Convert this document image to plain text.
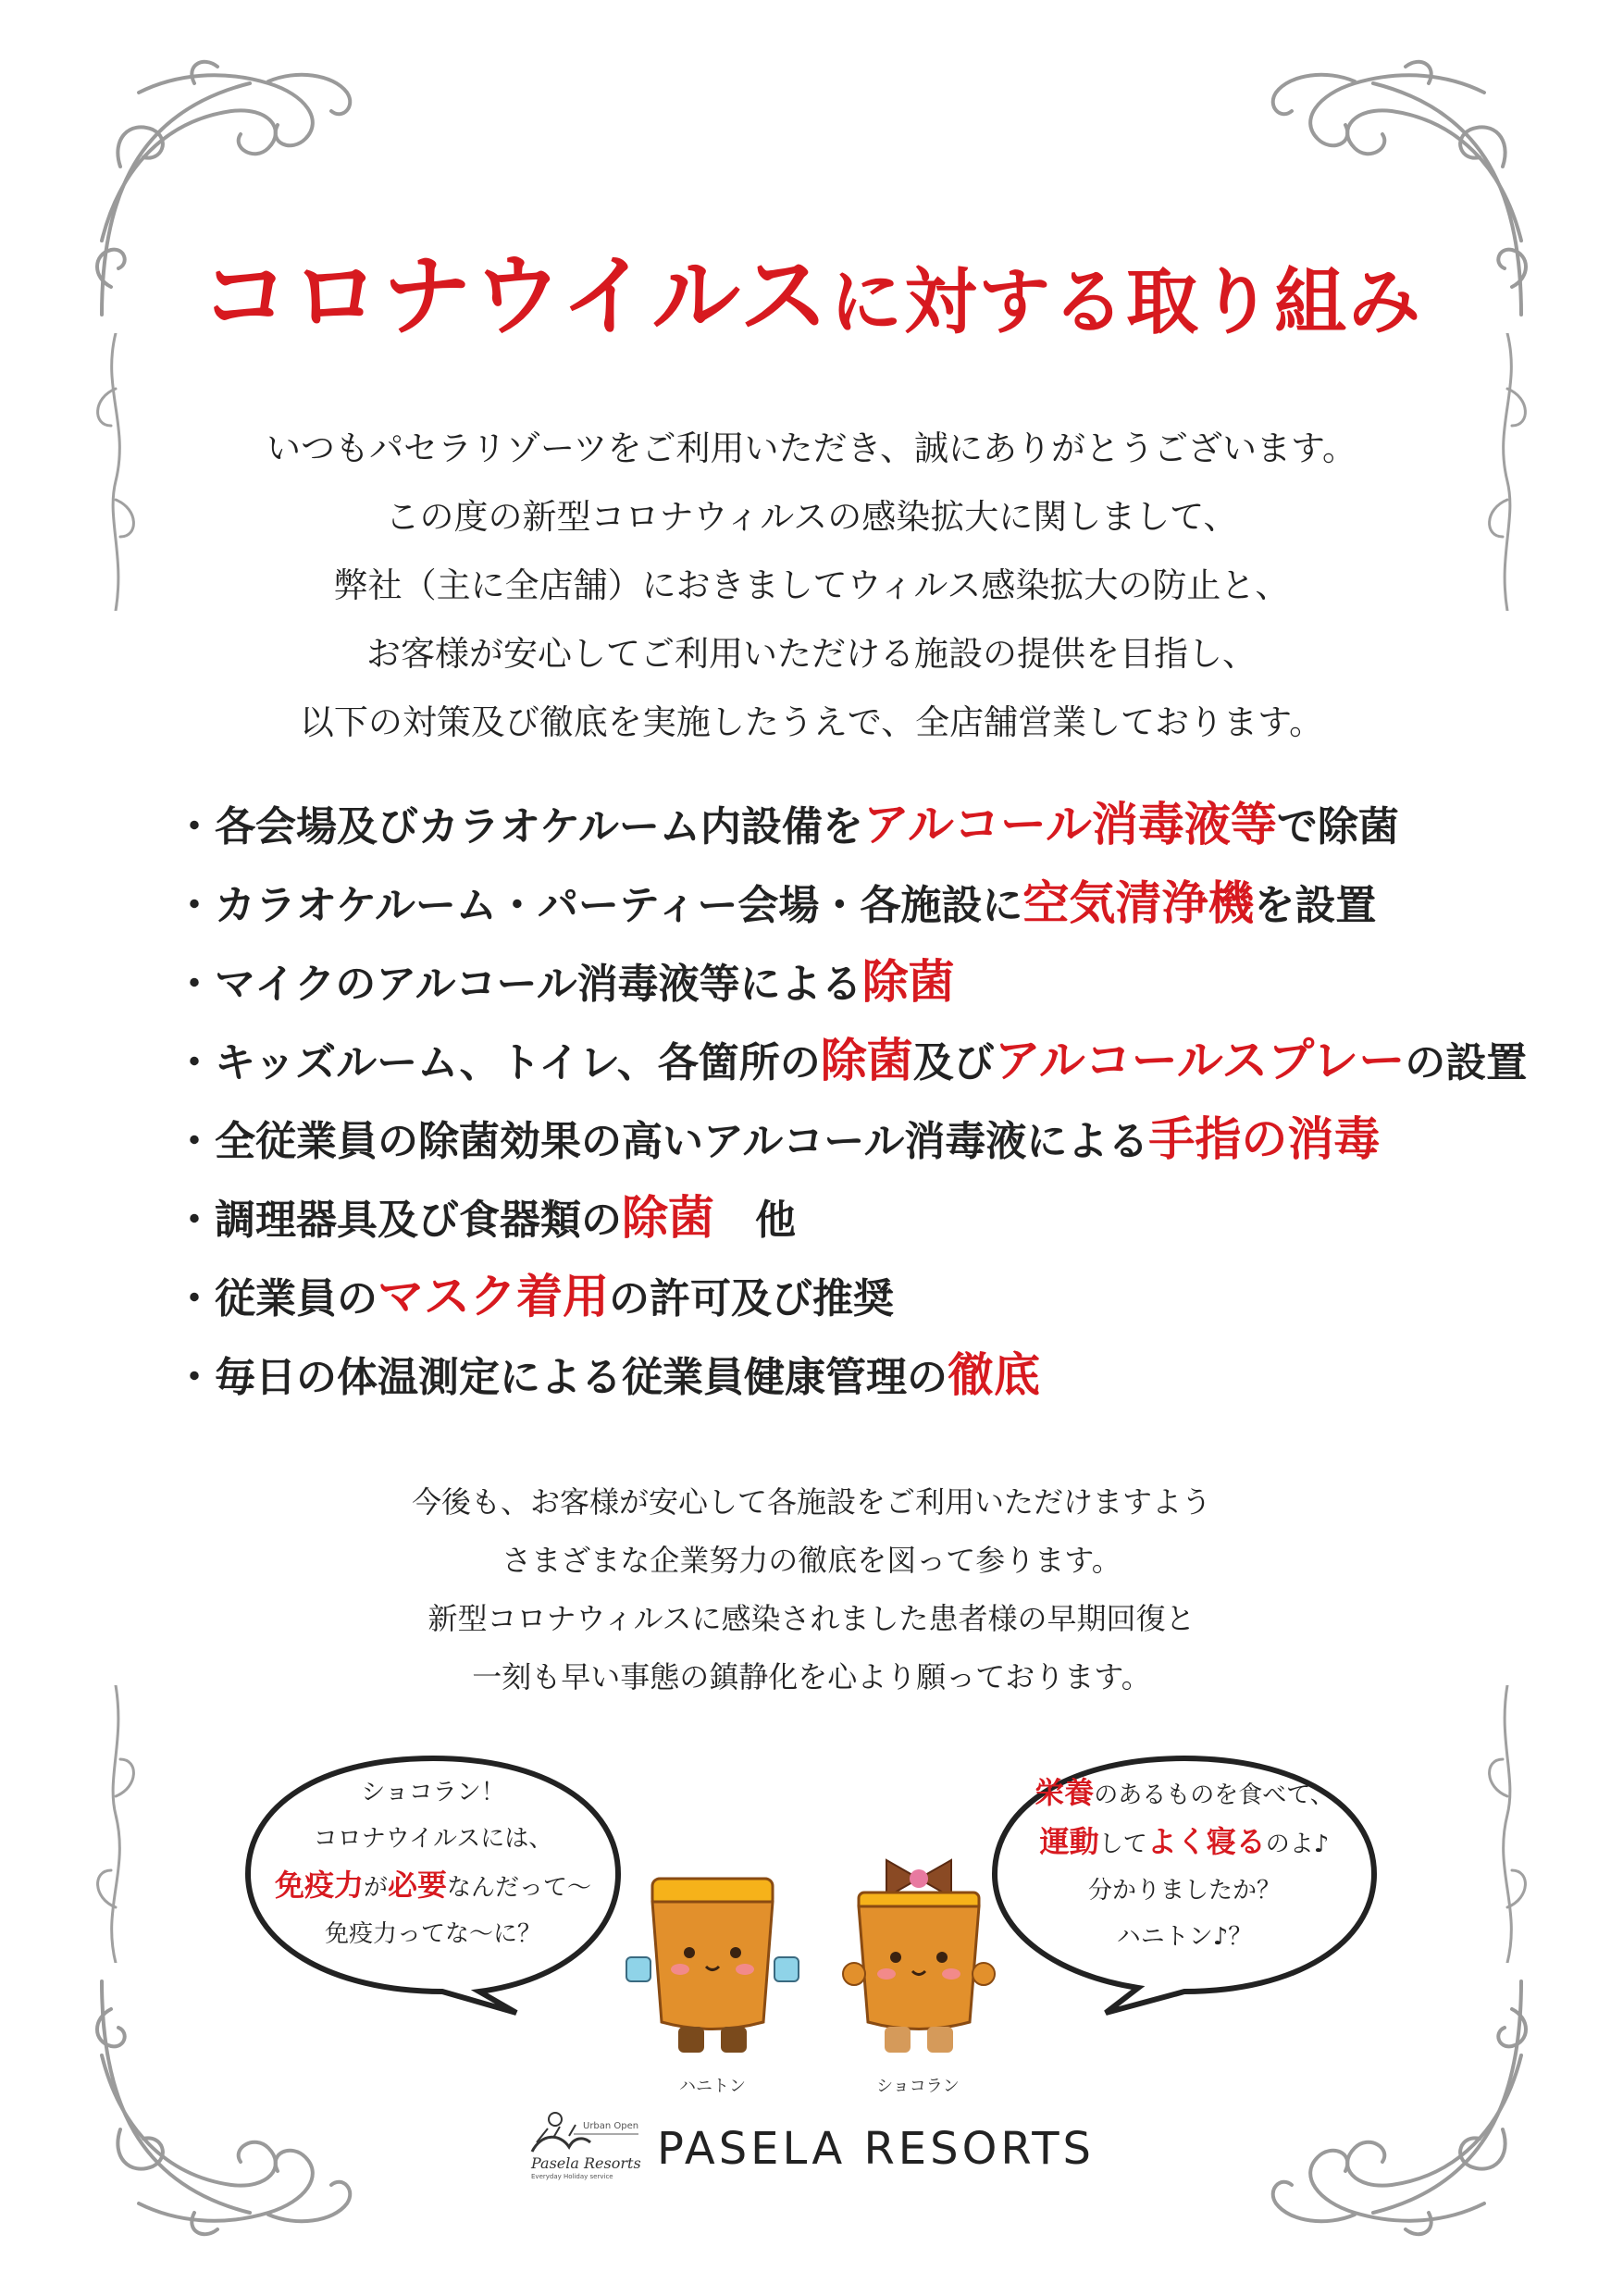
コロナウイルスに対する取り組み
いつもパセラリゾーツをご利用いただき、誠にありがとうございます。
この度の新型コロナウィルスの感染拡大に関しまして、
弊社（主に全店舗）におきましてウィルス感染拡大の防止と、
お客様が安心してご利用いただける施設の提供を目指し、
以下の対策及び徹底を実施したうえで、全店舗営業しております。
・各会場及びカラオケルーム内設備をアルコール消毒液等で除菌
・カラオケルーム・パーティー会場・各施設に空気清浄機を設置
・マイクのアルコール消毒液等による除菌
・キッズルーム、トイレ、各箇所の除菌及びアルコールスプレーの設置
・全従業員の除菌効果の高いアルコール消毒液による手指の消毒
・調理器具及び食器類の除菌　他
・従業員のマスク着用の許可及び推奨
・毎日の体温測定による従業員健康管理の徹底
今後も、お客様が安心して各施設をご利用いただけますよう
さまざまな企業努力の徹底を図って参ります。
新型コロナウィルスに感染されました患者様の早期回復と
一刻も早い事態の鎮静化を心より願っております。
ショコラン！
コロナウイルスには、
免疫力が必要なんだって～
免疫力ってな～に？
栄養のあるものを食べて、
運動してよく寝るのよ♪
分かりましたか？
ハニトン♪？
ハニトン	ショコラン
Urban Open
Pasela Resorts
Everyday Holiday service
PASELA RESORTS
